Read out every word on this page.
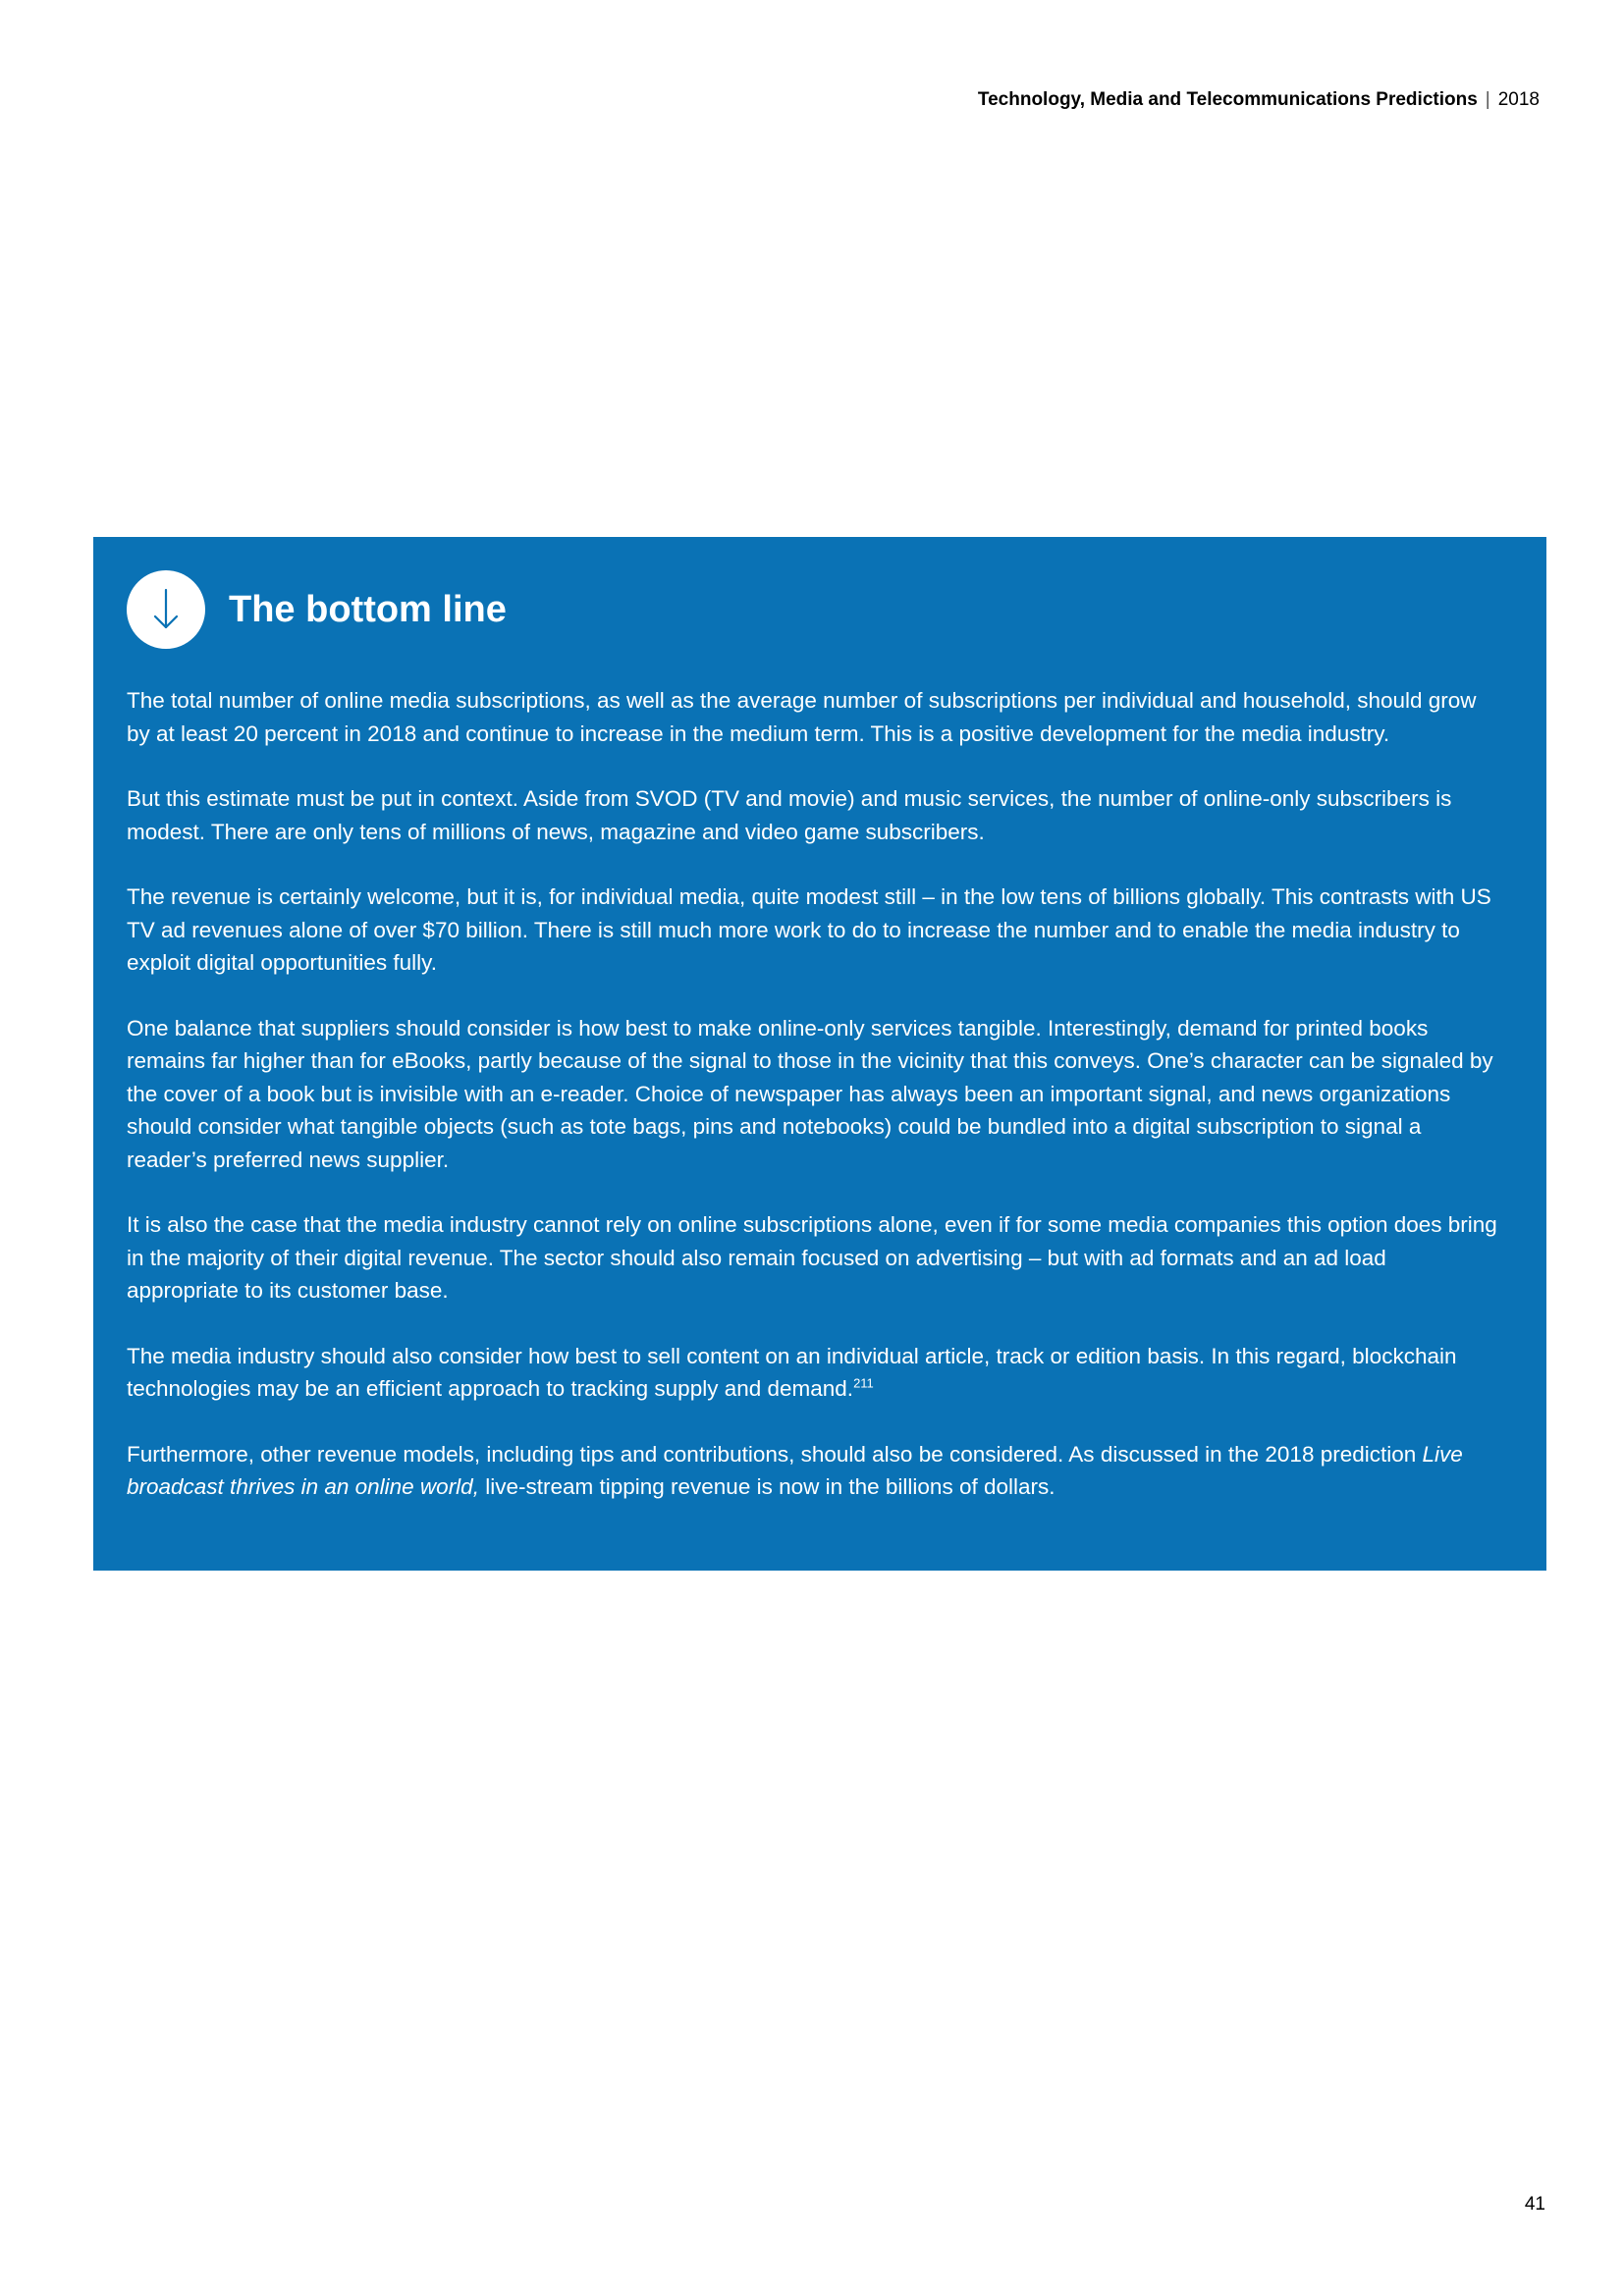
Technology, Media and Telecommunications Predictions | 2018
The bottom line

The total number of online media subscriptions, as well as the average number of subscriptions per individual and household, should grow by at least 20 percent in 2018 and continue to increase in the medium term. This is a positive development for the media industry.

But this estimate must be put in context. Aside from SVOD (TV and movie) and music services, the number of online-only subscribers is modest. There are only tens of millions of news, magazine and video game subscribers.

The revenue is certainly welcome, but it is, for individual media, quite modest still – in the low tens of billions globally. This contrasts with US TV ad revenues alone of over $70 billion. There is still much more work to do to increase the number and to enable the media industry to exploit digital opportunities fully.

One balance that suppliers should consider is how best to make online-only services tangible. Interestingly, demand for printed books remains far higher than for eBooks, partly because of the signal to those in the vicinity that this conveys. One’s character can be signaled by the cover of a book but is invisible with an e-reader. Choice of newspaper has always been an important signal, and news organizations should consider what tangible objects (such as tote bags, pins and notebooks) could be bundled into a digital subscription to signal a reader’s preferred news supplier.

It is also the case that the media industry cannot rely on online subscriptions alone, even if for some media companies this option does bring in the majority of their digital revenue. The sector should also remain focused on advertising – but with ad formats and an ad load appropriate to its customer base.

The media industry should also consider how best to sell content on an individual article, track or edition basis. In this regard, blockchain technologies may be an efficient approach to tracking supply and demand.$^{211}$

Furthermore, other revenue models, including tips and contributions, should also be considered. As discussed in the 2018 prediction Live broadcast thrives in an online world, live-stream tipping revenue is now in the billions of dollars.

41
